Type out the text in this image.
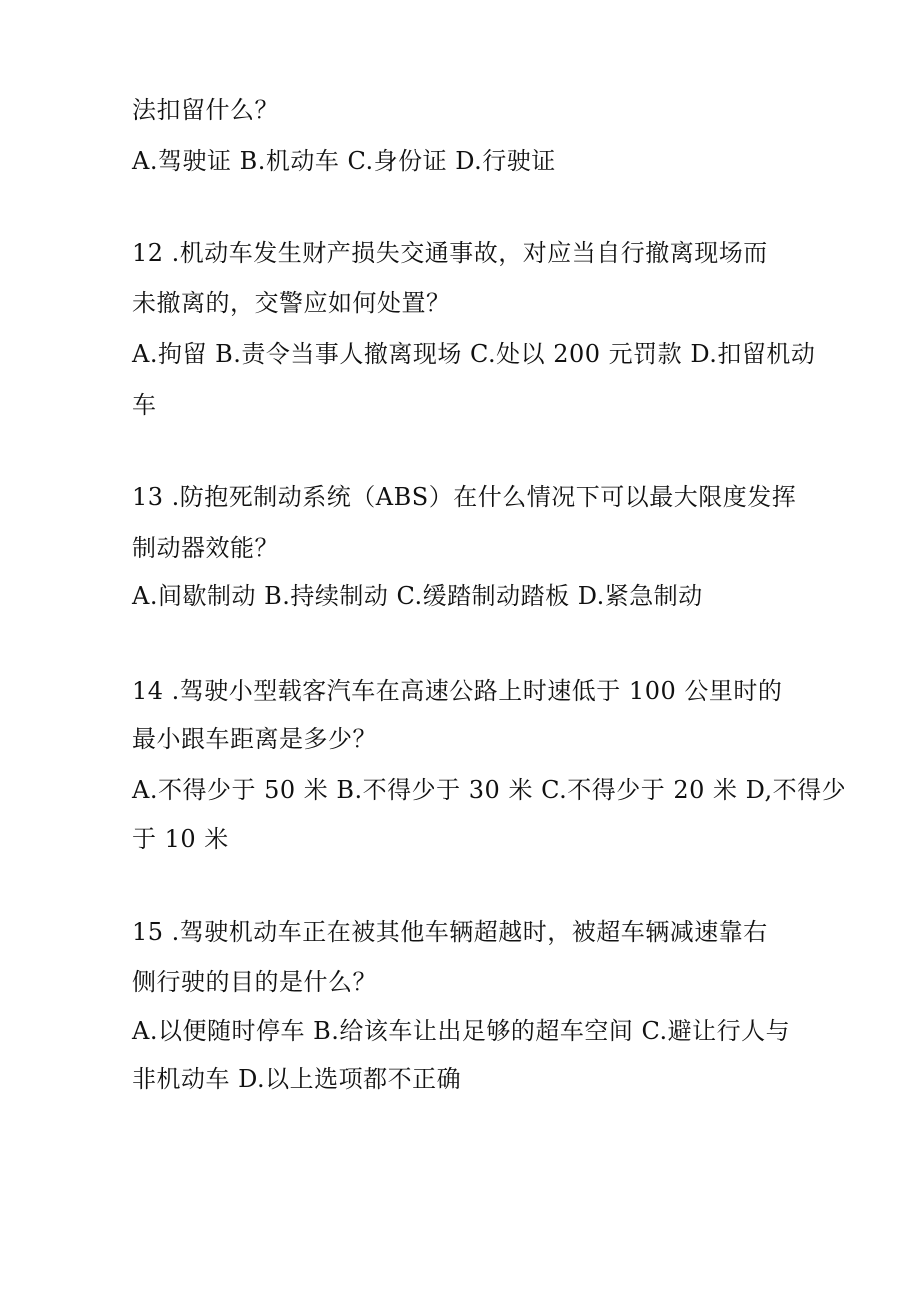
法扣留什么？
A.驾驶证 B.机动车 C.身份证 D.行驶证
12 .机动车发生财产损失交通事故，对应当自行撤离现场而
未撤离的，交警应如何处置？
A.拘留 B.责令当事人撤离现场 C.处以 200 元罚款 D.扣留机动
车
13 .防抱死制动系统（ABS）在什么情况下可以最大限度发挥
制动器效能？
A.间歇制动 B.持续制动 C.缓踏制动踏板 D.紧急制动
14 .驾驶小型载客汽车在高速公路上时速低于 100 公里时的
最小跟车距离是多少？
A.不得少于 50 米 B.不得少于 30 米 C.不得少于 20 米 D,不得少
于 10 米
15 .驾驶机动车正在被其他车辆超越时，被超车辆减速靠右
侧行驶的目的是什么？
A.以便随时停车 B.给该车让出足够的超车空间 C.避让行人与
非机动车 D.以上选项都不正确
